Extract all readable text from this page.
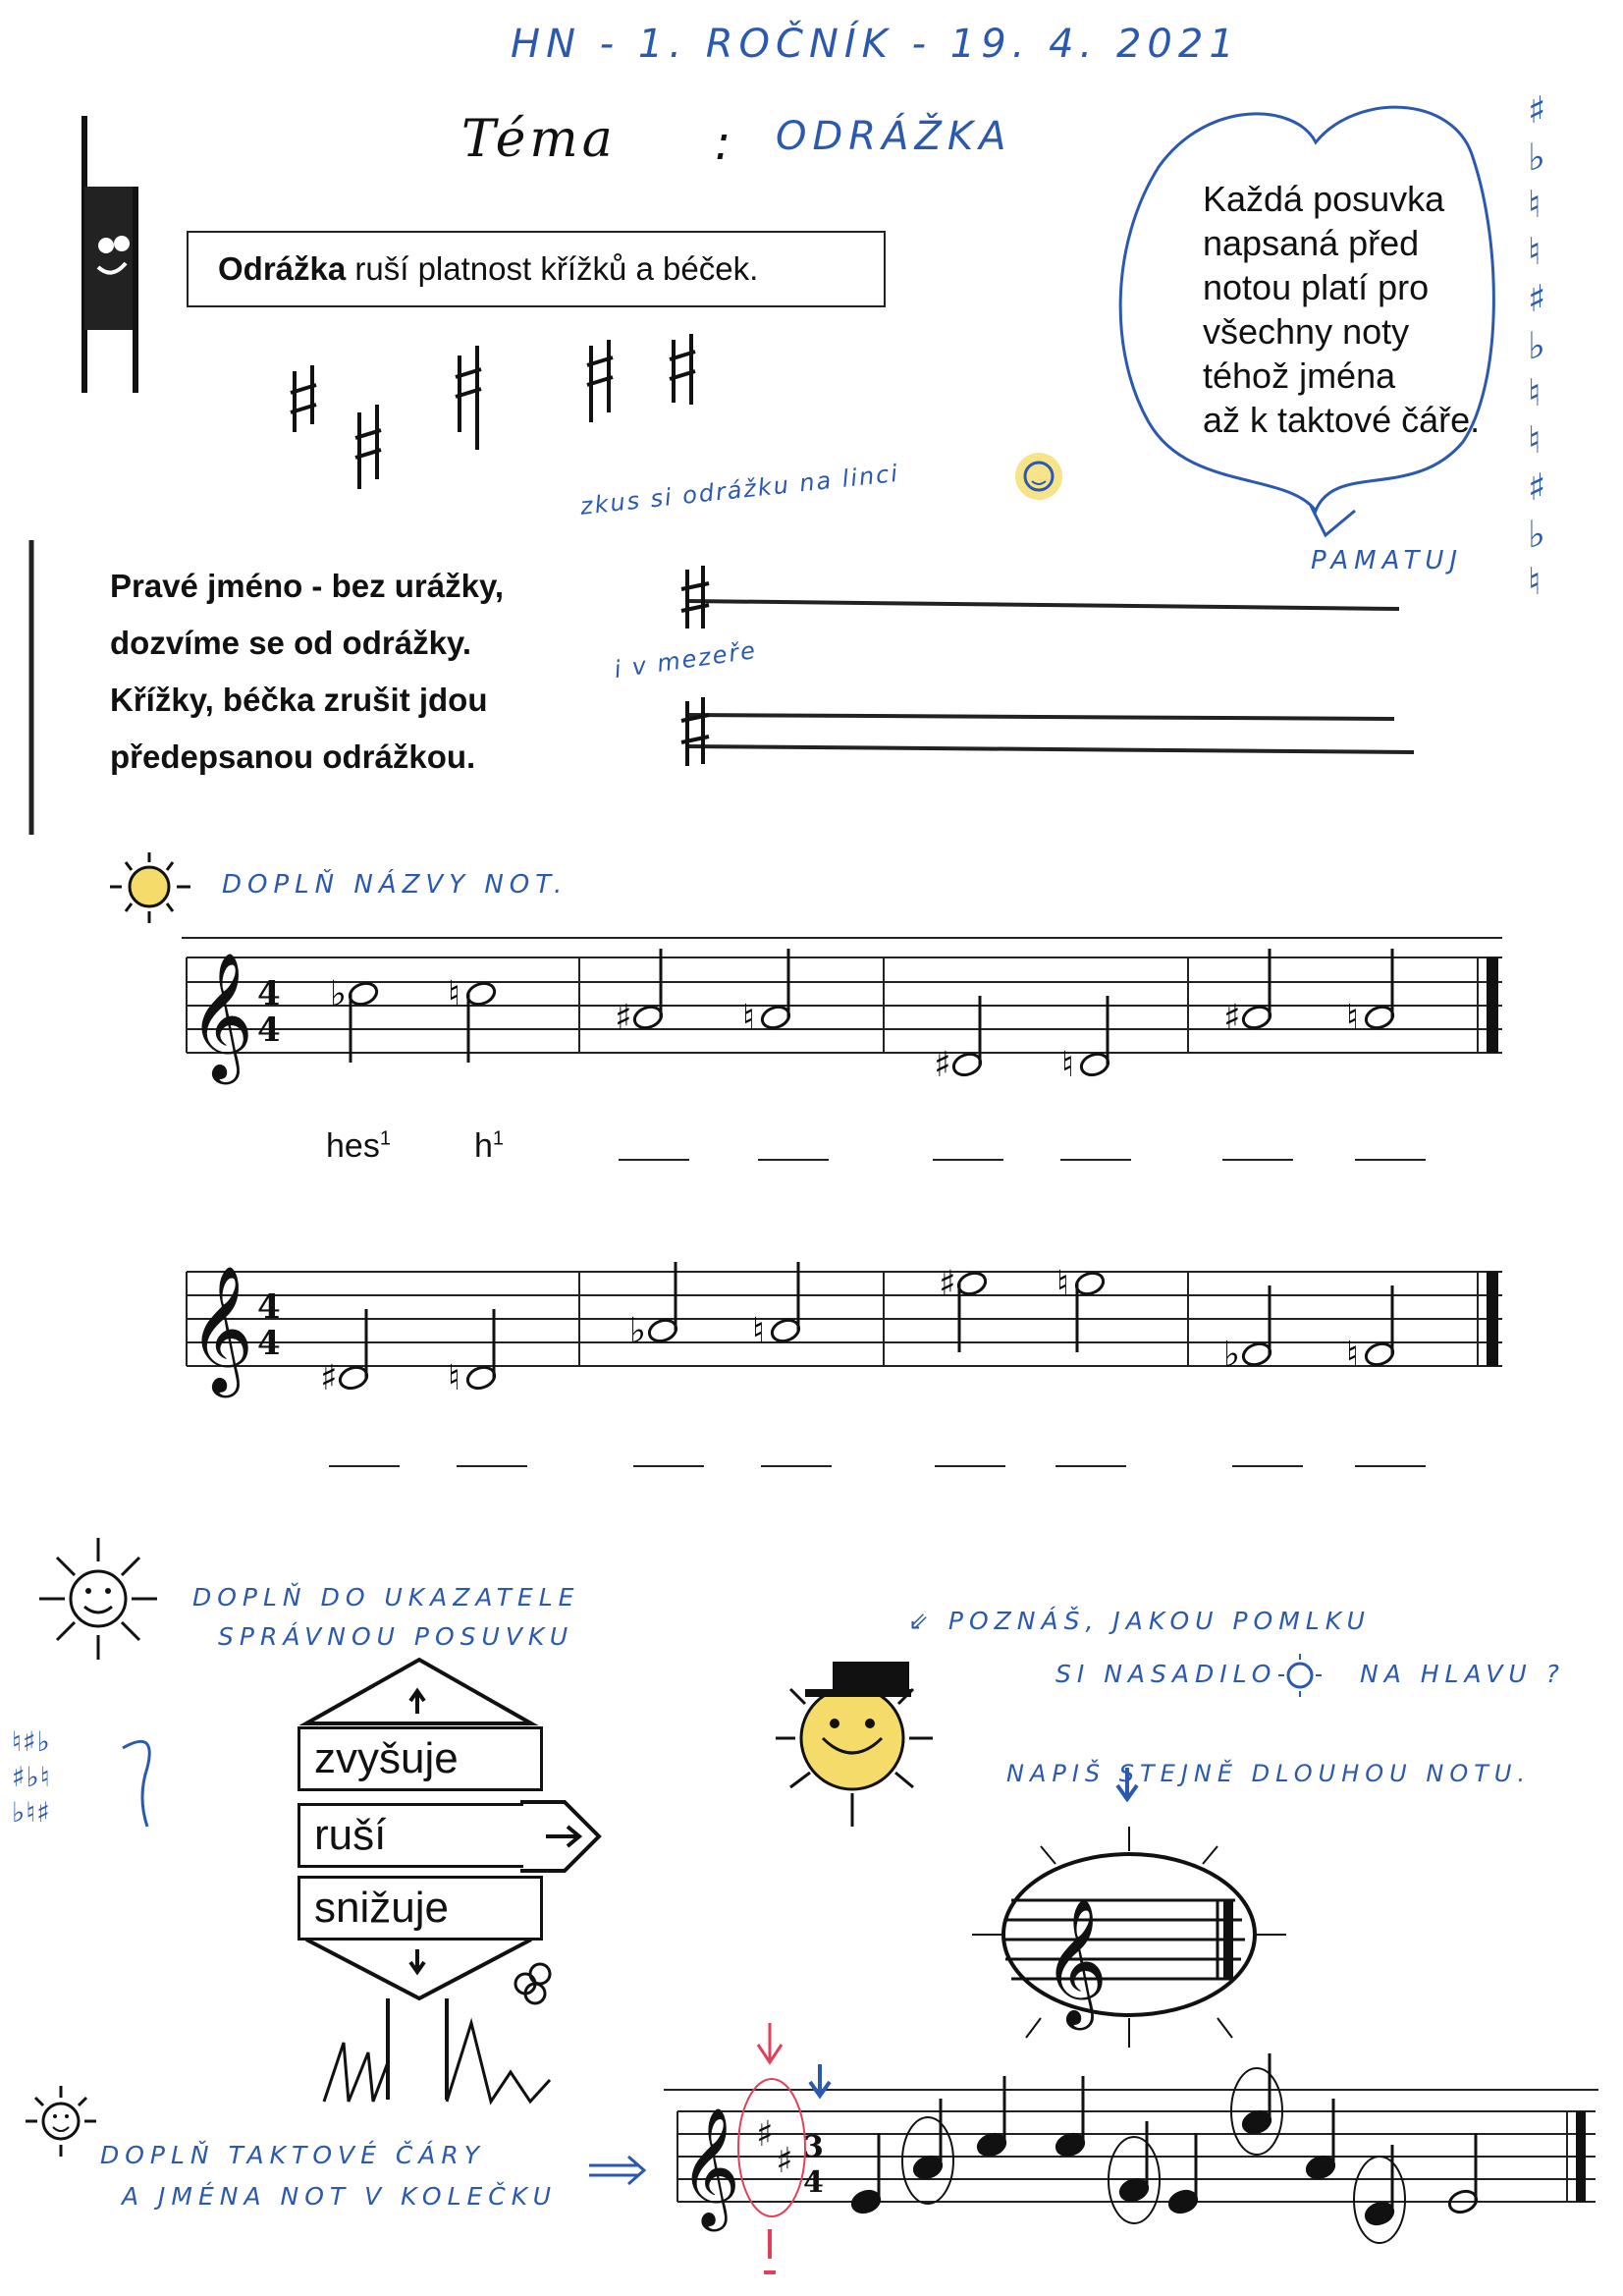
HN - 1. ROČNÍK - 19. 4. 2021
Téma : ODRÁŽKA
𝄞 4
4
♭	♮
♯	♮
♯	♮
♯	♮
𝄞 4
4
♯	♮
♭	♮
♯	♮
♭	♮
𝄞
𝄞 ♯
♯ 3
4
Odrážka ruší platnost křížků a béček.
Každá posuvka
napsaná před
notou platí pro
všechny noty
téhož jména
až k taktové čáře.
PAMATUJ
♯
♭
♮
♮
♯
♭
♮
♮
♯
♭
♮
zkus si odrážku na linci
i v mezeře
Pravé jméno - bez urážky,
dozvíme se od odrážky.
Křížky, béčka zrušit jdou
předepsanou odrážkou.
DOPLŇ NÁZVY NOT.
hes$^1$	$h^1$
DOPLŇ DO UKAZATELE
SPRÁVNOU POSUVKU
♮♯♭
♯♭♮
♭♮♯
zvyšuje
ruší
snižuje
⇙ POZNÁŠ, JAKOU POMLKU
SI NASADILO	NA HLAVU ?
NAPIŠ STEJNĚ DLOUHOU NOTU.
DOPLŇ TAKTOVÉ ČÁRY
A JMÉNA NOT V KOLEČKU
